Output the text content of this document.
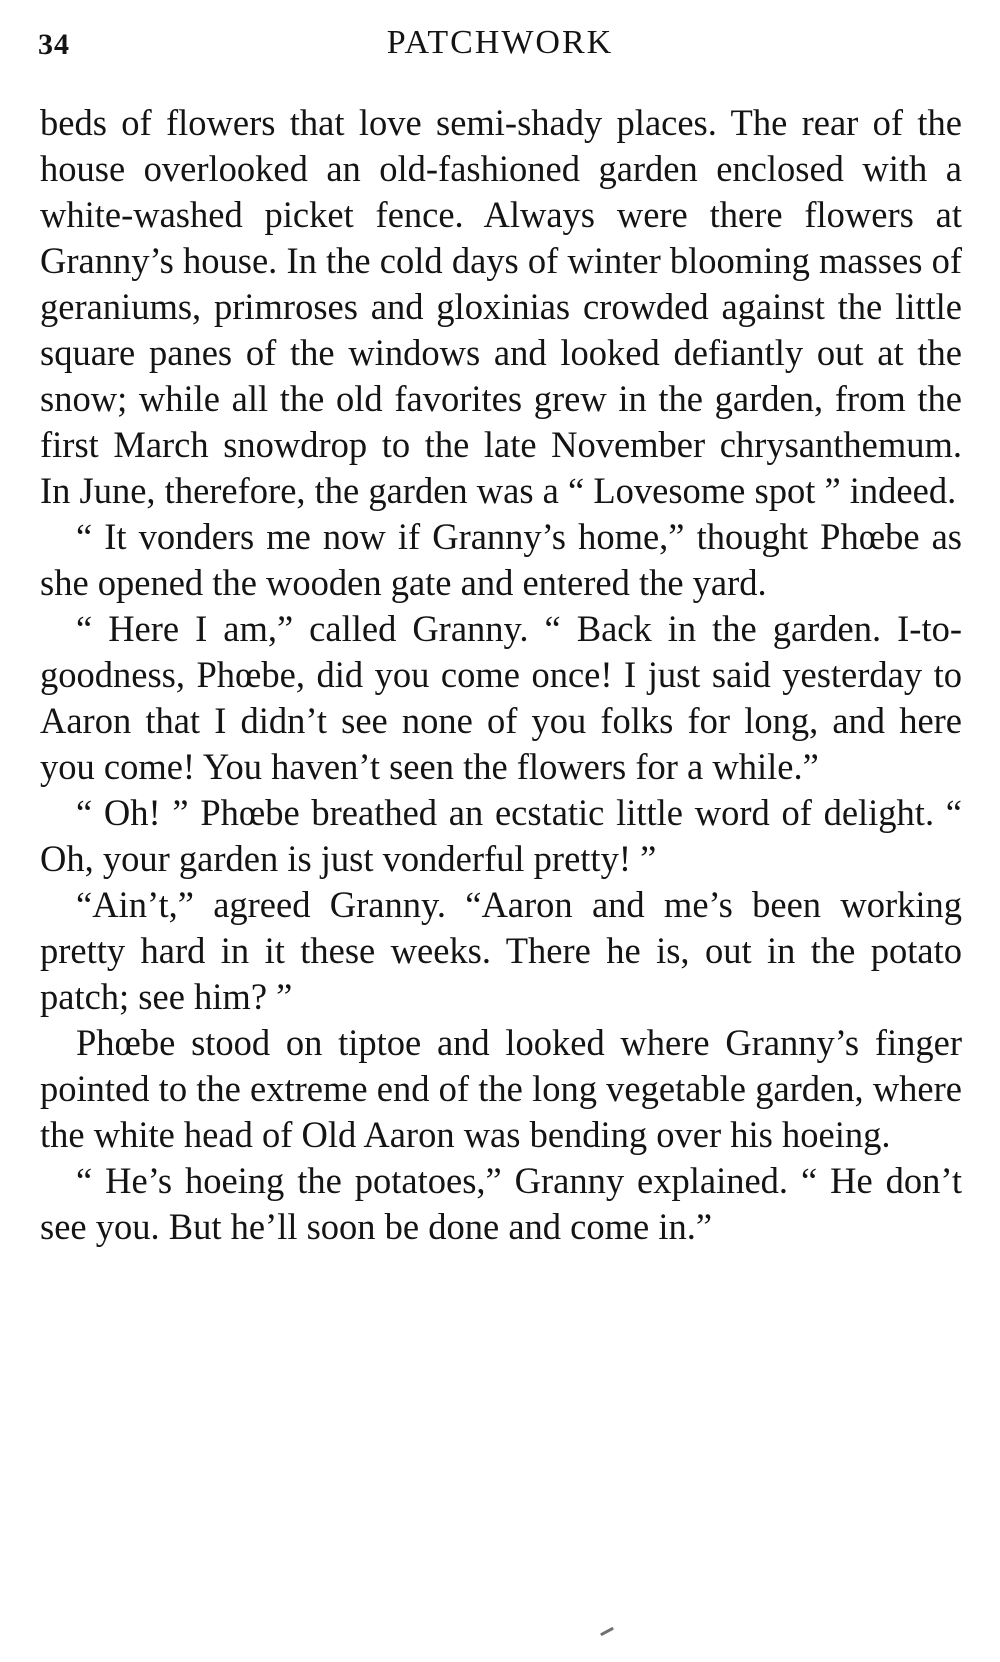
34	PATCHWORK

beds of flowers that love semi-shady places. The rear of the house overlooked an old-fashioned garden enclosed with a white-washed picket fence. Always were there flowers at Granny’s house. In the cold days of winter blooming masses of geraniums, primroses and gloxinias crowded against the little square panes of the windows and looked defiantly out at the snow; while all the old favorites grew in the garden, from the first March snowdrop to the late November chrysanthemum. In June, therefore, the garden was a “ Lovesome spot ” indeed.

“ It vonders me now if Granny’s home,” thought Phœbe as she opened the wooden gate and entered the yard.

“ Here I am,” called Granny. “ Back in the garden. I-to-goodness, Phœbe, did you come once! I just said yesterday to Aaron that I didn’t see none of you folks for long, and here you come! You haven’t seen the flowers for a while.”

“ Oh! ” Phœbe breathed an ecstatic little word of delight. “ Oh, your garden is just vonderful pretty! ”

“Ain’t,” agreed Granny. “Aaron and me’s been working pretty hard in it these weeks. There he is, out in the potato patch; see him? ”

Phœbe stood on tiptoe and looked where Granny’s finger pointed to the extreme end of the long vegetable garden, where the white head of Old Aaron was bending over his hoeing.

“ He’s hoeing the potatoes,” Granny explained. “ He don’t see you. But he’ll soon be done and come in.”
